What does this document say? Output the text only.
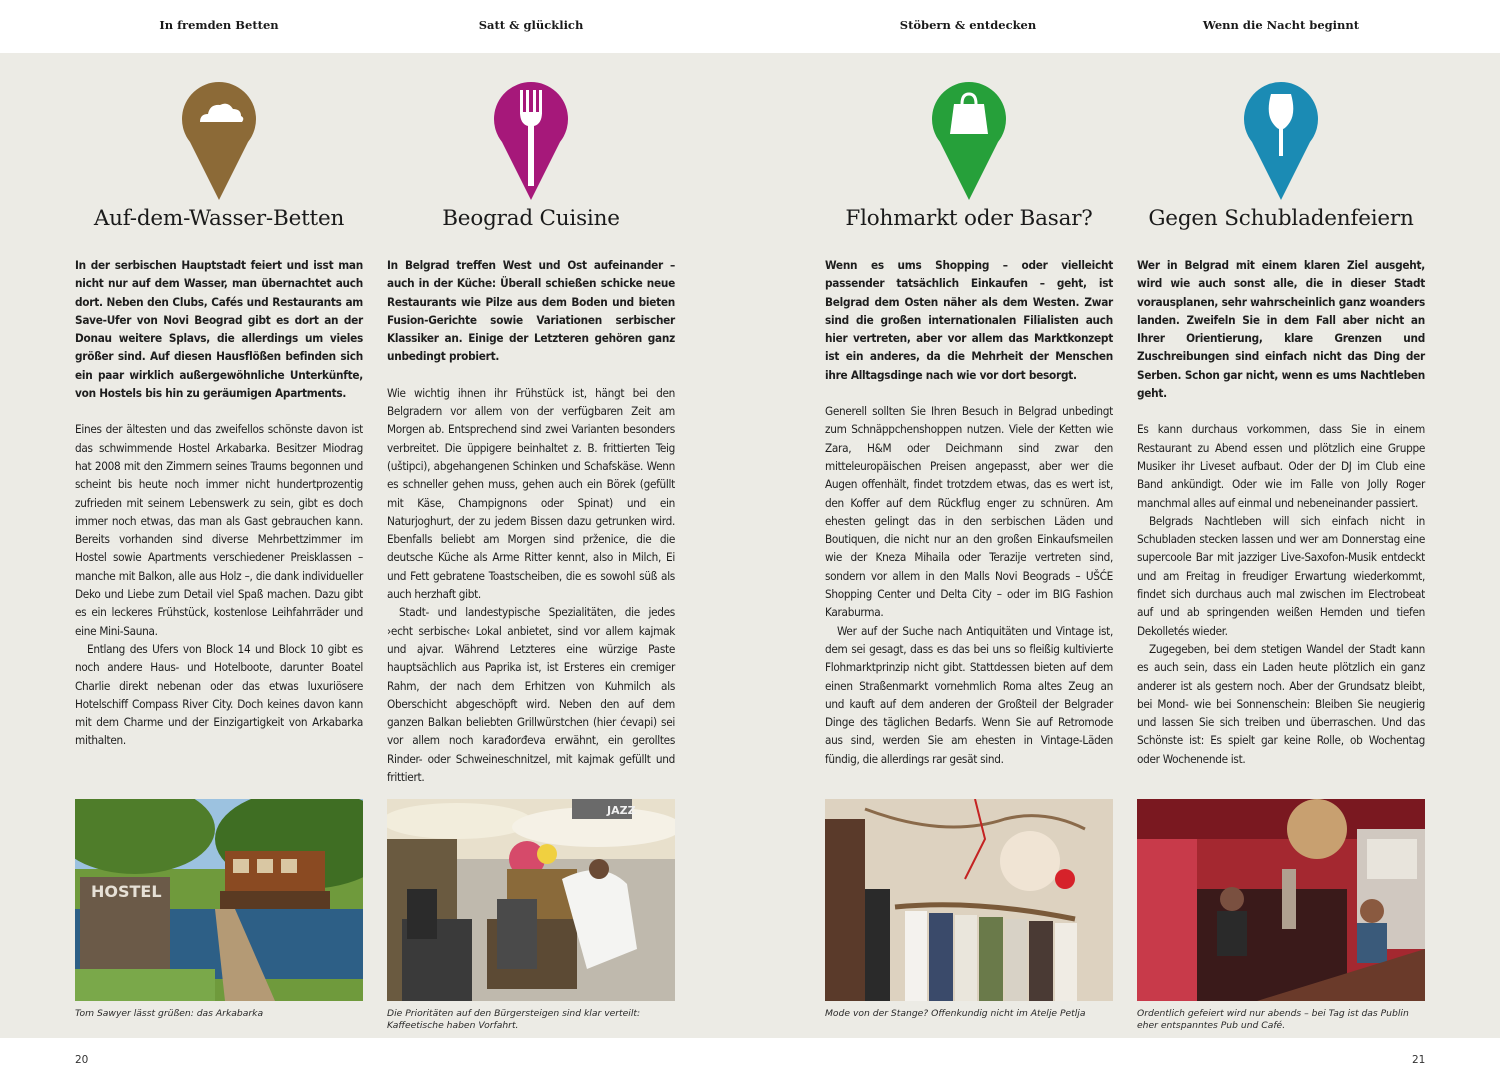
In fremden Betten	Satt & glücklich	Stöbern & entdecken	Wenn die Nacht beginnt
Auf-dem-Wasser-Betten

In der serbischen Hauptstadt feiert und isst man nicht nur auf dem Wasser, man übernachtet auch dort. Neben den Clubs, Cafés und Restaurants am Save-Ufer von Novi Beograd gibt es dort an der Donau weitere Splavs, die allerdings um vieles größer sind. Auf diesen Hausflößen befinden sich ein paar wirklich außergewöhnliche Unterkünfte, von Hostels bis hin zu geräumigen Apartments.

Eines der ältesten und das zweifellos schönste davon ist das schwimmende Hostel Arkabarka. Besitzer Miodrag hat 2008 mit den Zimmern seines Traums begonnen und scheint bis heute noch immer nicht hundertprozentig zufrieden mit seinem Lebenswerk zu sein, gibt es doch immer noch etwas, das man als Gast gebrauchen kann. Bereits vorhanden sind diverse Mehrbettzimmer im Hostel sowie Apartments verschiedener Preisklassen – manche mit Balkon, alle aus Holz –, die dank individueller Deko und Liebe zum Detail viel Spaß machen. Dazu gibt es ein leckeres Frühstück, kostenlose Leihfahrräder und eine Mini-Sauna.

Entlang des Ufers von Block 14 und Block 10 gibt es noch andere Haus- und Hotelboote, darunter Boatel Charlie direkt nebenan oder das etwas luxuriösere Hotelschiff Compass River City. Doch keines davon kann mit dem Charme und der Einzigartigkeit von Arkabarka mithalten.

Beograd Cuisine

In Belgrad treffen West und Ost aufeinander – auch in der Küche: Überall schießen schicke neue Restaurants wie Pilze aus dem Boden und bieten Fusion-Gerichte sowie Variationen serbischer Klassiker an. Einige der Letzteren gehören ganz unbedingt probiert.

Wie wichtig ihnen ihr Frühstück ist, hängt bei den Belgradern vor allem von der verfügbaren Zeit am Morgen ab. Entsprechend sind zwei Varianten besonders verbreitet. Die üppigere beinhaltet z. B. frittierten Teig (uštipci), abgehangenen Schinken und Schafskäse. Wenn es schneller gehen muss, gehen auch ein Börek (gefüllt mit Käse, Champignons oder Spinat) und ein Naturjoghurt, der zu jedem Bissen dazu getrunken wird. Ebenfalls beliebt am Morgen sind prženice, die die deutsche Küche als Arme Ritter kennt, also in Milch, Ei und Fett gebratene Toastscheiben, die es sowohl süß als auch herzhaft gibt.

Stadt- und landestypische Spezialitäten, die jedes ›echt serbische‹ Lokal anbietet, sind vor allem kajmak und ajvar. Während Letzteres eine würzige Paste hauptsächlich aus Paprika ist, ist Ersteres ein cremiger Rahm, der nach dem Erhitzen von Kuhmilch als Oberschicht abgeschöpft wird. Neben den auf dem ganzen Balkan beliebten Grillwürstchen (hier ćevapi) sei vor allem noch karađorđeva erwähnt, ein gerolltes Rinder- oder Schweineschnitzel, mit kajmak gefüllt und frittiert.

Flohmarkt oder Basar?

Wenn es ums Shopping – oder vielleicht passender tatsächlich Einkaufen – geht, ist Belgrad dem Osten näher als dem Westen. Zwar sind die großen internationalen Filialisten auch hier vertreten, aber vor allem das Marktkonzept ist ein anderes, da die Mehrheit der Menschen ihre Alltagsdinge nach wie vor dort besorgt.

Generell sollten Sie Ihren Besuch in Belgrad unbedingt zum Schnäppchenshoppen nutzen. Viele der Ketten wie Zara, H&M oder Deichmann sind zwar den mitteleuropäischen Preisen angepasst, aber wer die Augen offenhält, findet trotzdem etwas, das es wert ist, den Koffer auf dem Rückflug enger zu schnüren. Am ehesten gelingt das in den serbischen Läden und Boutiquen, die nicht nur an den großen Einkaufsmeilen wie der Kneza Mihaila oder Terazije vertreten sind, sondern vor allem in den Malls Novi Beograds – UŠĆE Shopping Center und Delta City – oder im BIG Fashion Karaburma.

Wer auf der Suche nach Antiquitäten und Vintage ist, dem sei gesagt, dass es das bei uns so fleißig kultivierte Flohmarktprinzip nicht gibt. Stattdessen bieten auf dem einen Straßenmarkt vornehmlich Roma altes Zeug an und kauft auf dem anderen der Großteil der Belgrader Dinge des täglichen Bedarfs. Wenn Sie auf Retromode aus sind, werden Sie am ehesten in Vintage-Läden fündig, die allerdings rar gesät sind.

Gegen Schubladenfeiern

Wer in Belgrad mit einem klaren Ziel ausgeht, wird wie auch sonst alle, die in dieser Stadt vorausplanen, sehr wahrscheinlich ganz woanders landen. Zweifeln Sie in dem Fall aber nicht an Ihrer Orientierung, klare Grenzen und Zuschreibungen sind einfach nicht das Ding der Serben. Schon gar nicht, wenn es ums Nachtleben geht.

Es kann durchaus vorkommen, dass Sie in einem Restaurant zu Abend essen und plötzlich eine Gruppe Musiker ihr Liveset aufbaut. Oder der DJ im Club eine Band ankündigt. Oder wie im Falle von Jolly Roger manchmal alles auf einmal und nebeneinander passiert.

Belgrads Nachtleben will sich einfach nicht in Schubladen stecken lassen und wer am Donnerstag eine supercoole Bar mit jazziger Live-Saxofon-Musik entdeckt und am Freitag in freudiger Erwartung wiederkommt, findet sich durchaus auch mal zwischen im Electrobeat auf und ab springenden weißen Hemden und tiefen Dekolletés wieder.

Zugegeben, bei dem stetigen Wandel der Stadt kann es auch sein, dass ein Laden heute plötzlich ein ganz anderer ist als gestern noch. Aber der Grundsatz bleibt, bei Mond- wie bei Sonnenschein: Bleiben Sie neugierig und lassen Sie sich treiben und überraschen. Und das Schönste ist: Es spielt gar keine Rolle, ob Wochentag oder Wochenende ist.

HOSTEL
JAZZ
Tom Sawyer lässt grüßen: das Arkabarka	Die Prioritäten auf den Bürgersteigen sind klar verteilt: Kaffeetische haben Vorfahrt.
Mode von der Stange? Offenkundig nicht im Atelje Petlja	Ordentlich gefeiert wird nur abends – bei Tag ist das Publin eher entspanntes Pub und Café.
20	21
